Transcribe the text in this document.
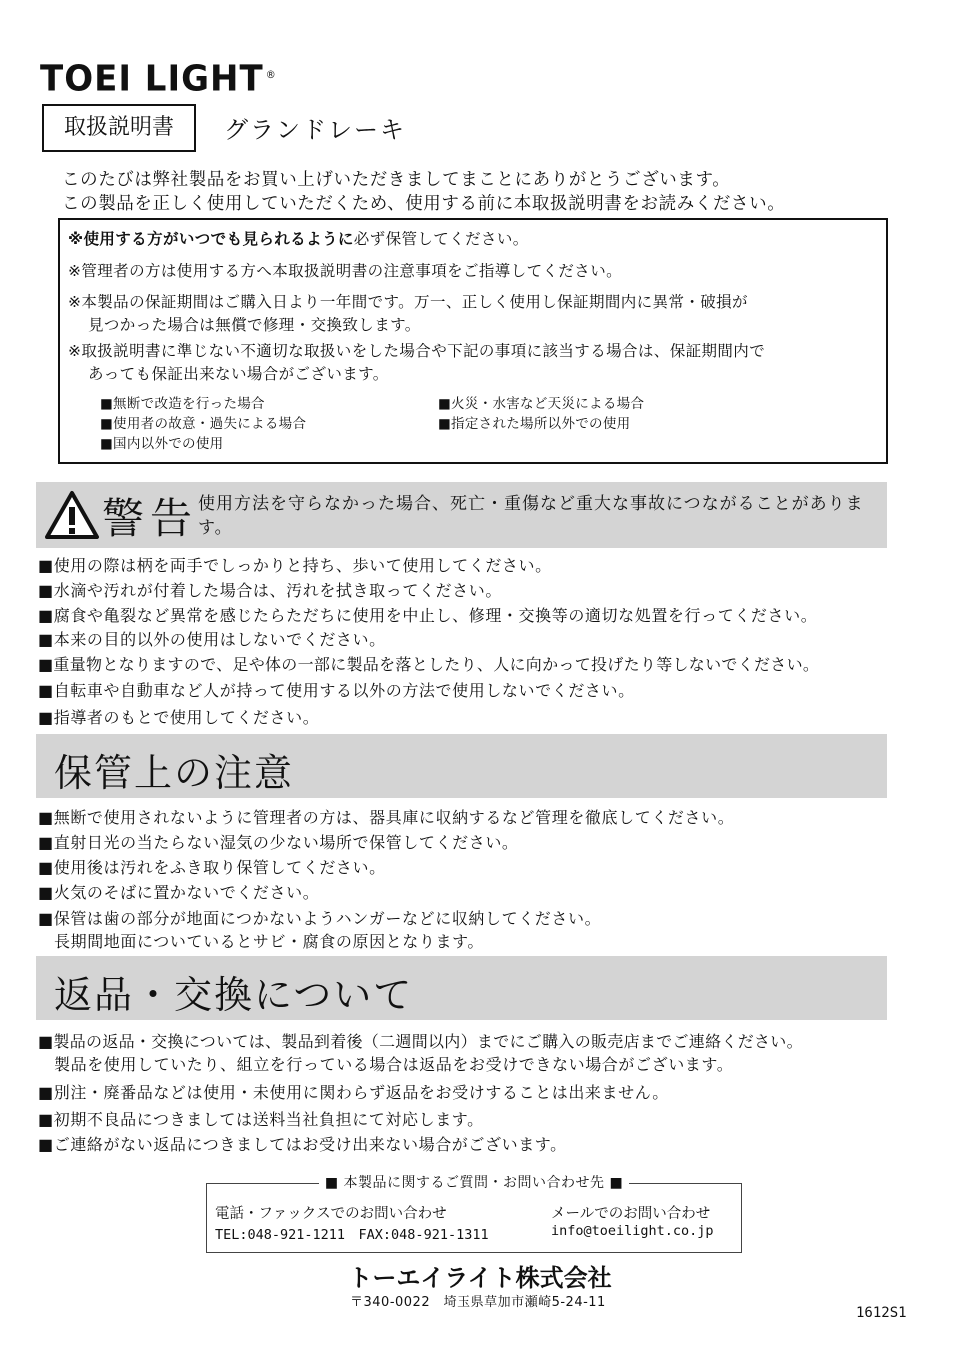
TOEI LIGHT ®
取扱説明書	グランドレーキ
このたびは弊社製品をお買い上げいただきましてまことにありがとうございます。
この製品を正しく使用していただくため、使用する前に本取扱説明書をお読みください。
※使用する方がいつでも見られるように必ず保管してください。
※管理者の方は使用する方へ本取扱説明書の注意事項をご指導してください。
※本製品の保証期間はご購入日より一年間です。万一、正しく使用し保証期間内に異常・破損が
見つかった場合は無償で修理・交換致します。
※取扱説明書に準じない不適切な取扱いをした場合や下記の事項に該当する場合は、保証期間内で
あっても保証出来ない場合がございます。
■無断で改造を行った場合	■火災・水害など天災による場合
■使用者の故意・過失による場合	■指定された場所以外での使用
■国内以外での使用
警告 使用方法を守らなかった場合、死亡・重傷など重大な事故につながることがあります。
■使用の際は柄を両手でしっかりと持ち、歩いて使用してください。
■水滴や汚れが付着した場合は、汚れを拭き取ってください。
■腐食や亀裂など異常を感じたらただちに使用を中止し、修理・交換等の適切な処置を行ってください。
■本来の目的以外の使用はしないでください。
■重量物となりますので、足や体の一部に製品を落としたり、人に向かって投げたり等しないでください。
■自転車や自動車など人が持って使用する以外の方法で使用しないでください。
■指導者のもとで使用してください。
保管上の注意
■無断で使用されないように管理者の方は、器具庫に収納するなど管理を徹底してください。
■直射日光の当たらない湿気の少ない場所で保管してください。
■使用後は汚れをふき取り保管してください。
■火気のそばに置かないでください。
■保管は歯の部分が地面につかないようハンガーなどに収納してください。
長期間地面についているとサビ・腐食の原因となります。
返品・交換について
■製品の返品・交換については、製品到着後（二週間以内）までにご購入の販売店までご連絡ください。
製品を使用していたり、組立を行っている場合は返品をお受けできない場合がございます。
■別注・廃番品などは使用・未使用に関わらず返品をお受けすることは出来ません。
■初期不良品につきましては送料当社負担にて対応します。
■ご連絡がない返品につきましてはお受け出来ない場合がございます。
電話・ファックスでのお問い合わせ
TEL:048-921-1211　FAX:048-921-1311
メールでのお問い合わせ
info@toeilight.co.jp
■ 本製品に関するご質問・お問い合わせ先 ■
トーエイライト株式会社
〒340-0022　埼玉県草加市瀬崎5-24-11
1612S1
